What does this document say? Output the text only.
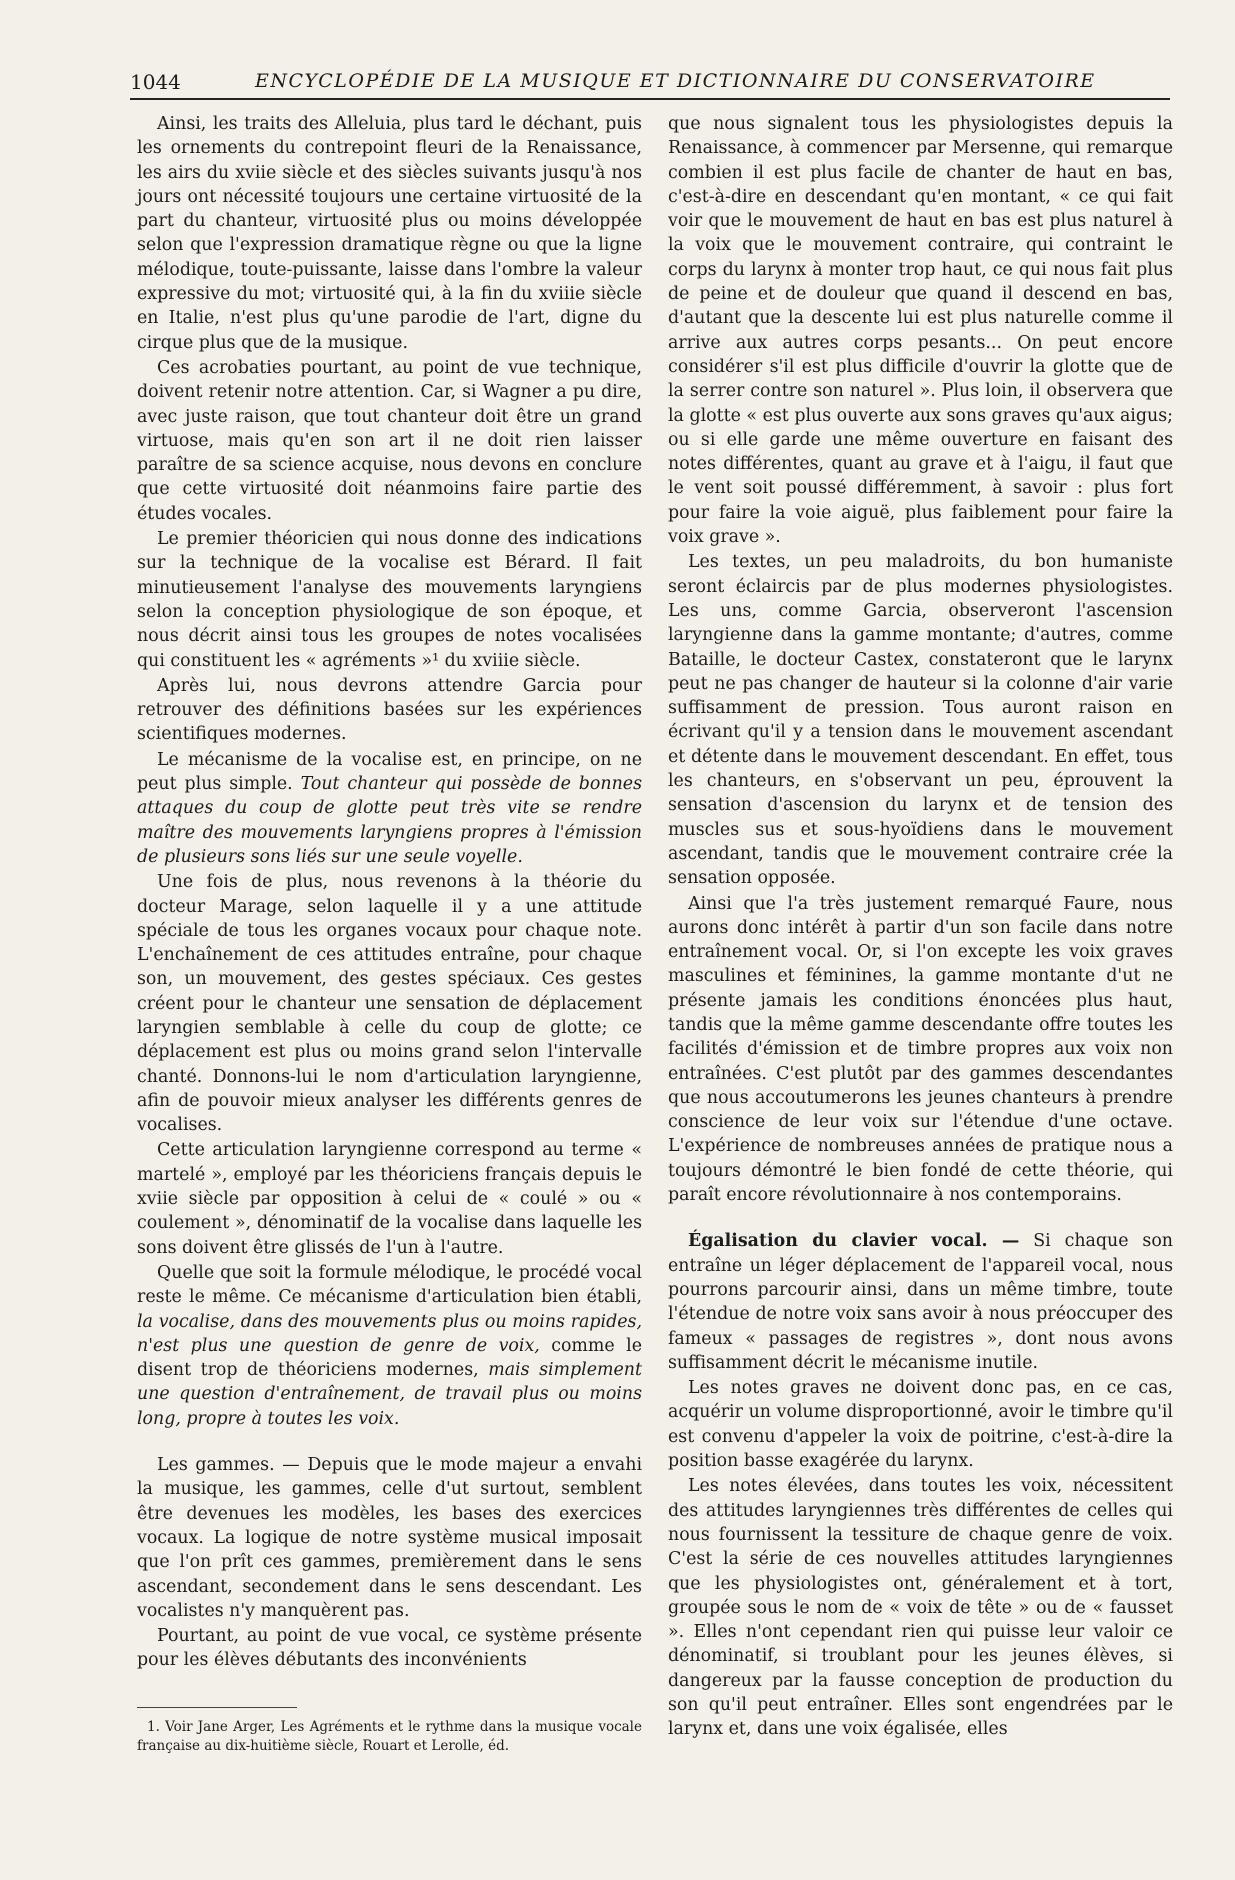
1044	ENCYCLOPÉDIE DE LA MUSIQUE ET DICTIONNAIRE DU CONSERVATOIRE

Ainsi, les traits des Alleluia, plus tard le déchant, puis les ornements du contrepoint fleuri de la Renaissance, les airs du xviie siècle et des siècles suivants jusqu'à nos jours ont nécessité toujours une certaine virtuosité de la part du chanteur, virtuosité plus ou moins développée selon que l'expression dramatique règne ou que la ligne mélodique, toute-puissante, laisse dans l'ombre la valeur expressive du mot; virtuosité qui, à la fin du xviiie siècle en Italie, n'est plus qu'une parodie de l'art, digne du cirque plus que de la musique.

Ces acrobaties pourtant, au point de vue technique, doivent retenir notre attention. Car, si Wagner a pu dire, avec juste raison, que tout chanteur doit être un grand virtuose, mais qu'en son art il ne doit rien laisser paraître de sa science acquise, nous devons en conclure que cette virtuosité doit néanmoins faire partie des études vocales.

Le premier théoricien qui nous donne des indications sur la technique de la vocalise est Bérard. Il fait minutieusement l'analyse des mouvements laryngiens selon la conception physiologique de son époque, et nous décrit ainsi tous les groupes de notes vocalisées qui constituent les « agréments »¹ du xviiie siècle.

Après lui, nous devrons attendre Garcia pour retrouver des définitions basées sur les expériences scientifiques modernes.

Le mécanisme de la vocalise est, en principe, on ne peut plus simple. Tout chanteur qui possède de bonnes attaques du coup de glotte peut très vite se rendre maître des mouvements laryngiens propres à l'émission de plusieurs sons liés sur une seule voyelle.

Une fois de plus, nous revenons à la théorie du docteur Marage, selon laquelle il y a une attitude spéciale de tous les organes vocaux pour chaque note. L'enchaînement de ces attitudes entraîne, pour chaque son, un mouvement, des gestes spéciaux. Ces gestes créent pour le chanteur une sensation de déplacement laryngien semblable à celle du coup de glotte; ce déplacement est plus ou moins grand selon l'intervalle chanté. Donnons-lui le nom d'articulation laryngienne, afin de pouvoir mieux analyser les différents genres de vocalises.

Cette articulation laryngienne correspond au terme « martelé », employé par les théoriciens français depuis le xviie siècle par opposition à celui de « coulé » ou « coulement », dénominatif de la vocalise dans laquelle les sons doivent être glissés de l'un à l'autre.

Quelle que soit la formule mélodique, le procédé vocal reste le même. Ce mécanisme d'articulation bien établi, la vocalise, dans des mouvements plus ou moins rapides, n'est plus une question de genre de voix, comme le disent trop de théoriciens modernes, mais simplement une question d'entraînement, de travail plus ou moins long, propre à toutes les voix.

Les gammes. — Depuis que le mode majeur a envahi la musique, les gammes, celle d'ut surtout, semblent être devenues les modèles, les bases des exercices vocaux. La logique de notre système musical imposait que l'on prît ces gammes, premièrement dans le sens ascendant, secondement dans le sens descendant. Les vocalistes n'y manquèrent pas.

Pourtant, au point de vue vocal, ce système présente pour les élèves débutants des inconvénients

que nous signalent tous les physiologistes depuis la Renaissance, à commencer par Mersenne, qui remarque combien il est plus facile de chanter de haut en bas, c'est-à-dire en descendant qu'en montant, « ce qui fait voir que le mouvement de haut en bas est plus naturel à la voix que le mouvement contraire, qui contraint le corps du larynx à monter trop haut, ce qui nous fait plus de peine et de douleur que quand il descend en bas, d'autant que la descente lui est plus naturelle comme il arrive aux autres corps pesants... On peut encore considérer s'il est plus difficile d'ouvrir la glotte que de la serrer contre son naturel ». Plus loin, il observera que la glotte « est plus ouverte aux sons graves qu'aux aigus; ou si elle garde une même ouverture en faisant des notes différentes, quant au grave et à l'aigu, il faut que le vent soit poussé différemment, à savoir : plus fort pour faire la voie aiguë, plus faiblement pour faire la voix grave ».

Les textes, un peu maladroits, du bon humaniste seront éclaircis par de plus modernes physiologistes. Les uns, comme Garcia, observeront l'ascension laryngienne dans la gamme montante; d'autres, comme Bataille, le docteur Castex, constateront que le larynx peut ne pas changer de hauteur si la colonne d'air varie suffisamment de pression. Tous auront raison en écrivant qu'il y a tension dans le mouvement ascendant et détente dans le mouvement descendant. En effet, tous les chanteurs, en s'observant un peu, éprouvent la sensation d'ascension du larynx et de tension des muscles sus et sous-hyoïdiens dans le mouvement ascendant, tandis que le mouvement contraire crée la sensation opposée.

Ainsi que l'a très justement remarqué Faure, nous aurons donc intérêt à partir d'un son facile dans notre entraînement vocal. Or, si l'on excepte les voix graves masculines et féminines, la gamme montante d'ut ne présente jamais les conditions énoncées plus haut, tandis que la même gamme descendante offre toutes les facilités d'émission et de timbre propres aux voix non entraînées. C'est plutôt par des gammes descendantes que nous accoutumerons les jeunes chanteurs à prendre conscience de leur voix sur l'étendue d'une octave. L'expérience de nombreuses années de pratique nous a toujours démontré le bien fondé de cette théorie, qui paraît encore révolutionnaire à nos contemporains.

Égalisation du clavier vocal. — Si chaque son entraîne un léger déplacement de l'appareil vocal, nous pourrons parcourir ainsi, dans un même timbre, toute l'étendue de notre voix sans avoir à nous préoccuper des fameux « passages de registres », dont nous avons suffisamment décrit le mécanisme inutile.

Les notes graves ne doivent donc pas, en ce cas, acquérir un volume disproportionné, avoir le timbre qu'il est convenu d'appeler la voix de poitrine, c'est-à-dire la position basse exagérée du larynx.

Les notes élevées, dans toutes les voix, nécessitent des attitudes laryngiennes très différentes de celles qui nous fournissent la tessiture de chaque genre de voix. C'est la série de ces nouvelles attitudes laryngiennes que les physiologistes ont, généralement et à tort, groupée sous le nom de « voix de tête » ou de « fausset ». Elles n'ont cependant rien qui puisse leur valoir ce dénominatif, si troublant pour les jeunes élèves, si dangereux par la fausse conception de production du son qu'il peut entraîner. Elles sont engendrées par le larynx et, dans une voix égalisée, elles

1. Voir Jane Arger, Les Agréments et le rythme dans la musique vocale française au dix-huitième siècle, Rouart et Lerolle, éd.
